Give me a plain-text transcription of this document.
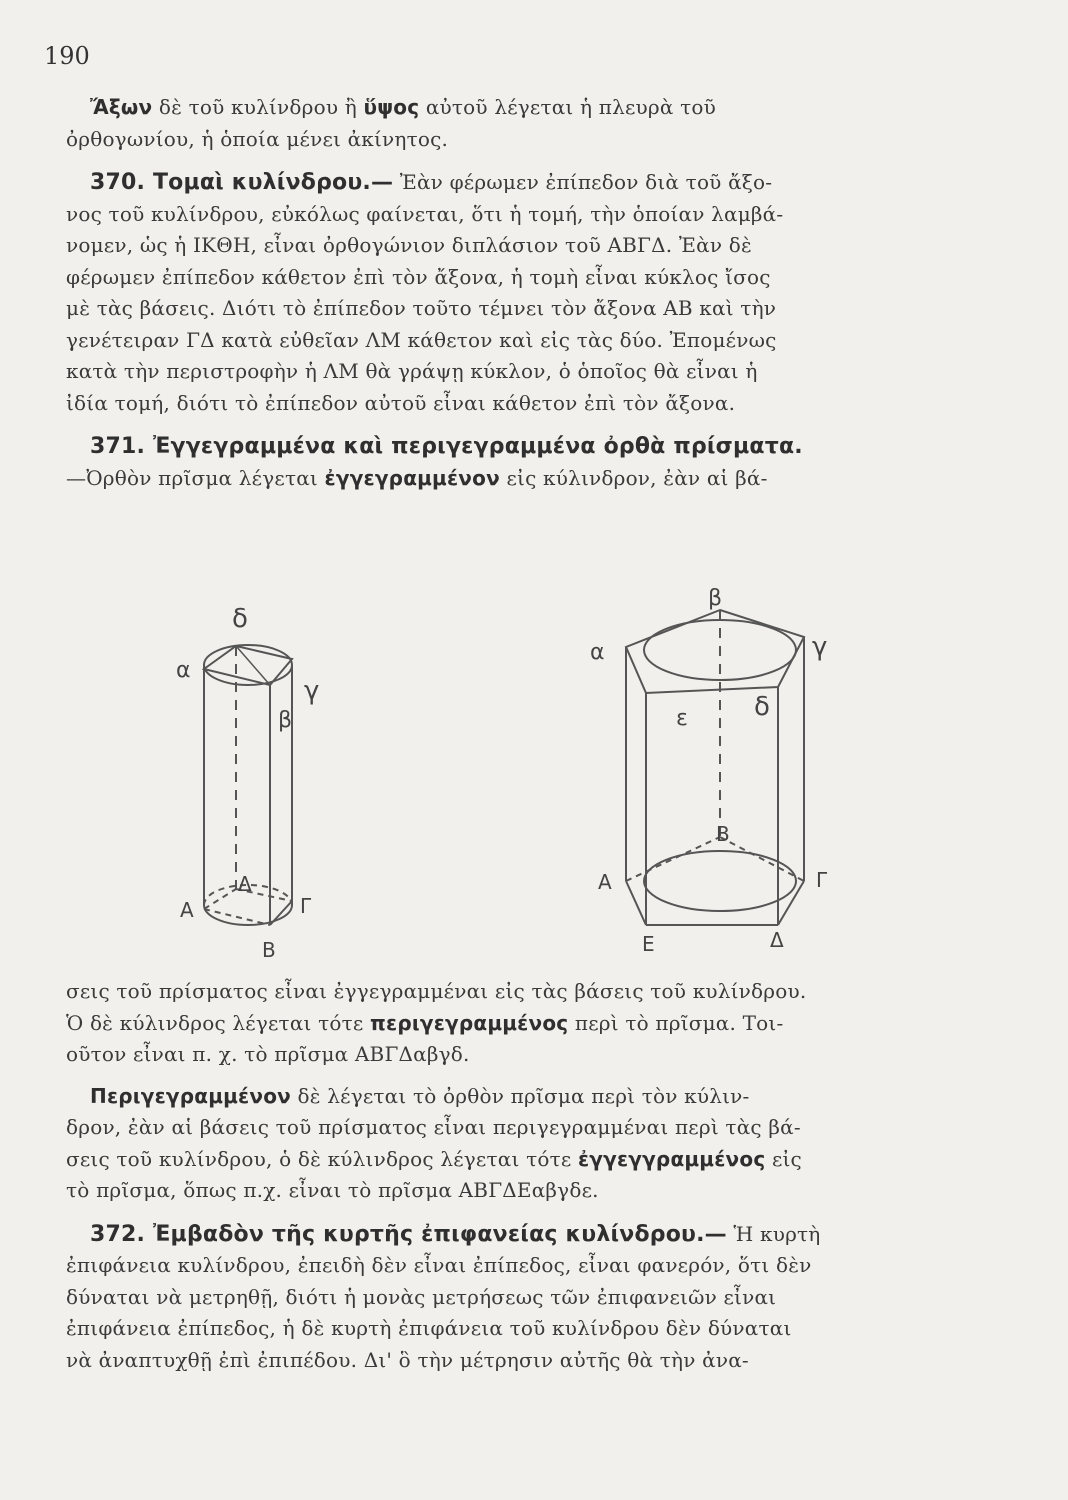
190
Ἄξων δὲ τοῦ κυλίνδρου ἢ ὕψος αὐτοῦ λέγεται ἡ πλευρὰ τοῦ
ὀρθογωνίου, ἡ ὁποία μένει ἀκίνητος.
370. Τομαὶ κυλίνδρου.— Ἐὰν φέρωμεν ἐπίπεδον διὰ τοῦ ἄξο-
νος τοῦ κυλίνδρου, εὐκόλως φαίνεται, ὅτι ἡ τομή, τὴν ὁποίαν λαμβά-
νομεν, ὡς ἡ ΙΚΘΗ, εἶναι ὀρθογώνιον διπλάσιον τοῦ ΑΒΓΔ. Ἐὰν δὲ
φέρωμεν ἐπίπεδον κάθετον ἐπὶ τὸν ἄξονα, ἡ τομὴ εἶναι κύκλος ἴσος
μὲ τὰς βάσεις. Διότι τὸ ἐπίπεδον τοῦτο τέμνει τὸν ἄξονα ΑΒ καὶ τὴν
γενέτειραν ΓΔ κατὰ εὐθεῖαν ΛΜ κάθετον καὶ εἰς τὰς δύο. Ἐπομένως
κατὰ τὴν περιστροφὴν ἡ ΛΜ θὰ γράψῃ κύκλον, ὁ ὁποῖος θὰ εἶναι ἡ
ἰδία τομή, διότι τὸ ἐπίπεδον αὐτοῦ εἶναι κάθετον ἐπὶ τὸν ἄξονα.
371. Ἐγγεγραμμένα καὶ περιγεγραμμένα ὀρθὰ πρίσματα.
—Ὀρθὸν πρῖσμα λέγεται ἐγγεγραμμένον εἰς κύλινδρον, ἐὰν αἱ βά-
δ
α
γ
β
Α
Δ
Γ
Β
β
α	γ
ε	δ
Β
Α	Γ
Ε	Δ
σεις τοῦ πρίσματος εἶναι ἐγγεγραμμέναι εἰς τὰς βάσεις τοῦ κυλίνδρου.
Ὁ δὲ κύλινδρος λέγεται τότε περιγεγραμμένος περὶ τὸ πρῖσμα. Τοι-
οῦτον εἶναι π. χ. τὸ πρῖσμα ΑΒΓΔαβγδ.
Περιγεγραμμένον δὲ λέγεται τὸ ὀρθὸν πρῖσμα περὶ τὸν κύλιν-
δρον, ἐὰν αἱ βάσεις τοῦ πρίσματος εἶναι περιγεγραμμέναι περὶ τὰς βά-
σεις τοῦ κυλίνδρου, ὁ δὲ κύλινδρος λέγεται τότε ἐγγεγγραμμένος εἰς
τὸ πρῖσμα, ὅπως π.χ. εἶναι τὸ πρῖσμα ΑΒΓΔΕαβγδε.
372. Ἐμβαδὸν τῆς κυρτῆς ἐπιφανείας κυλίνδρου.— Ἡ κυρτὴ
ἐπιφάνεια κυλίνδρου, ἐπειδὴ δὲν εἶναι ἐπίπεδος, εἶναι φανερόν, ὅτι δὲν
δύναται νὰ μετρηθῇ, διότι ἡ μονὰς μετρήσεως τῶν ἐπιφανειῶν εἶναι
ἐπιφάνεια ἐπίπεδος, ἡ δὲ κυρτὴ ἐπιφάνεια τοῦ κυλίνδρου δὲν δύναται
νὰ ἀναπτυχθῇ ἐπὶ ἐπιπέδου. Δι' ὃ τὴν μέτρησιν αὐτῆς θὰ τὴν ἀνα-
